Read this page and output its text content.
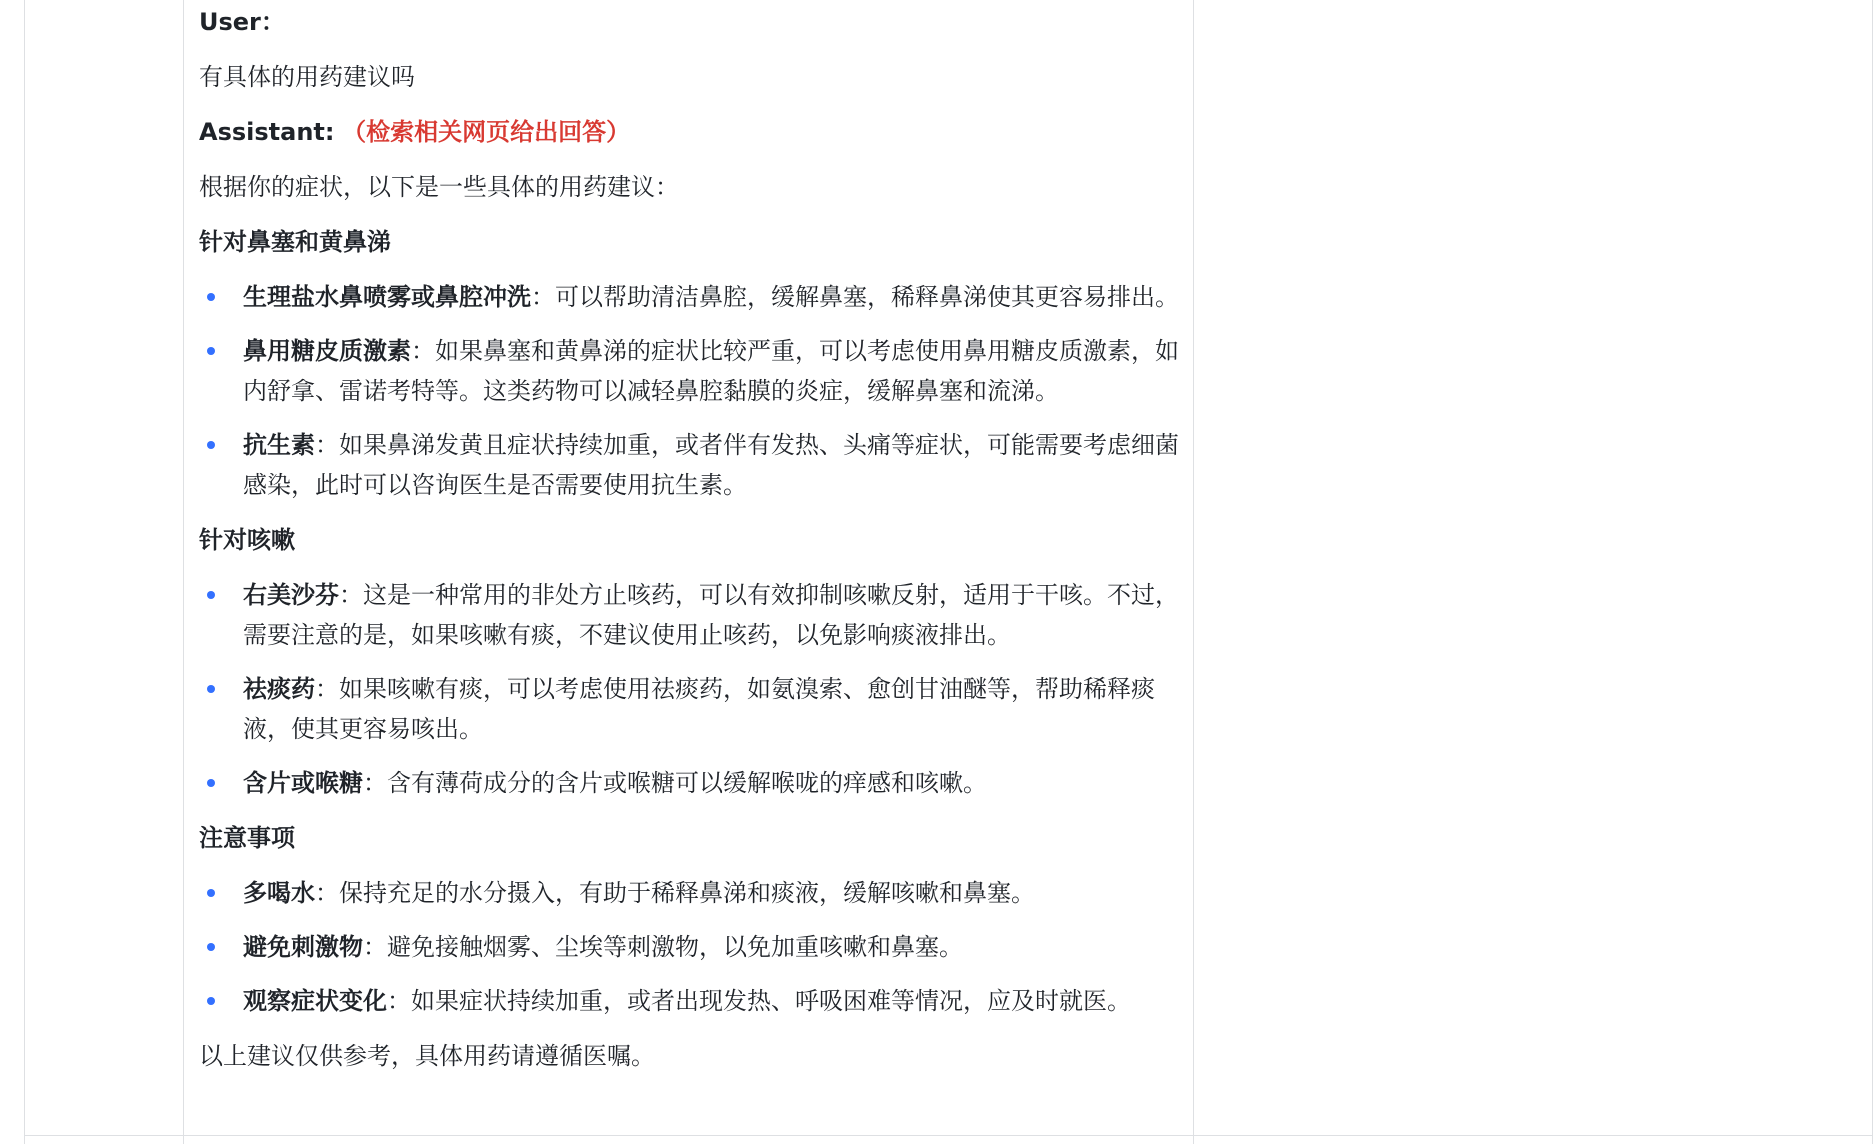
User：

有具体的用药建议吗

Assistant: （检索相关网页给出回答）

根据你的症状，以下是一些具体的用药建议：

针对鼻塞和黄鼻涕

生理盐水鼻喷雾或鼻腔冲洗：可以帮助清洁鼻腔，缓解鼻塞，稀释鼻涕使其更容易排出。
鼻用糖皮质激素：如果鼻塞和黄鼻涕的症状比较严重，可以考虑使用鼻用糖皮质激素，如内舒拿、雷诺考特等。这类药物可以减轻鼻腔黏膜的炎症，缓解鼻塞和流涕。
抗生素：如果鼻涕发黄且症状持续加重，或者伴有发热、头痛等症状，可能需要考虑细菌感染，此时可以咨询医生是否需要使用抗生素。

针对咳嗽

右美沙芬：这是一种常用的非处方止咳药，可以有效抑制咳嗽反射，适用于干咳。不过，需要注意的是，如果咳嗽有痰，不建议使用止咳药，以免影响痰液排出。
祛痰药：如果咳嗽有痰，可以考虑使用祛痰药，如氨溴索、愈创甘油醚等，帮助稀释痰液，使其更容易咳出。
含片或喉糖：含有薄荷成分的含片或喉糖可以缓解喉咙的痒感和咳嗽。

注意事项

多喝水：保持充足的水分摄入，有助于稀释鼻涕和痰液，缓解咳嗽和鼻塞。
避免刺激物：避免接触烟雾、尘埃等刺激物，以免加重咳嗽和鼻塞。
观察症状变化：如果症状持续加重，或者出现发热、呼吸困难等情况，应及时就医。

以上建议仅供参考，具体用药请遵循医嘱。
